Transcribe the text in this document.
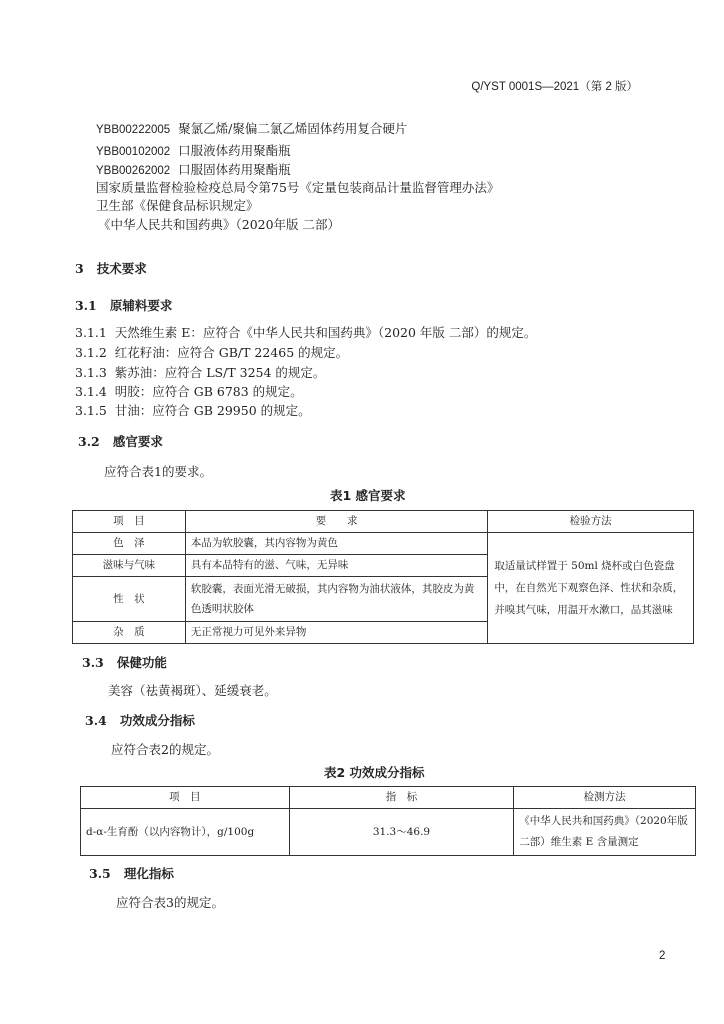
Q/YST 0001S—2021（第 2 版）
YBB00222005 聚氯乙烯/聚偏二氯乙烯固体药用复合硬片
YBB00102002 口服液体药用聚酯瓶
YBB00262002 口服固体药用聚酯瓶
国家质量监督检验检疫总局令第75号《定量包装商品计量监督管理办法》
卫生部《保健食品标识规定》
《中华人民共和国药典》（2020年版 二部）
3 技术要求
3.1 原辅料要求
3.1.1 天然维生素 E：应符合《中华人民共和国药典》（2020 年版 二部）的规定。
3.1.2 红花籽油：应符合 GB/T 22465 的规定。
3.1.3 紫苏油：应符合 LS/T 3254 的规定。
3.1.4 明胶：应符合 GB 6783 的规定。
3.1.5 甘油：应符合 GB 29950 的规定。
3.2 感官要求
应符合表1的要求。
表1 感官要求
项　目	要　　求	检验方法
色　泽	本品为软胶囊，其内容物为黄色	取适量试样置于 50ml 烧杯或白色瓷盘中，在自然光下观察色泽、性状和杂质，并嗅其气味，用温开水漱口，品其滋味
滋味与气味	具有本品特有的滋、气味，无异味	
性　状	软胶囊，表面光滑无破损，其内容物为油状液体，其胶皮为黄色透明状胶体	
杂　质	无正常视力可见外来异物	
3.3 保健功能
美容（祛黄褐斑）、延缓衰老。
3.4 功效成分指标
应符合表2的规定。
表2 功效成分指标
项　目	指　标	检测方法
d-α-生育酚（以内容物计），g/100g	31.3～46.9	《中华人民共和国药典》（2020年版 二部）维生素 E 含量测定
3.5 理化指标
应符合表3的规定。
2
